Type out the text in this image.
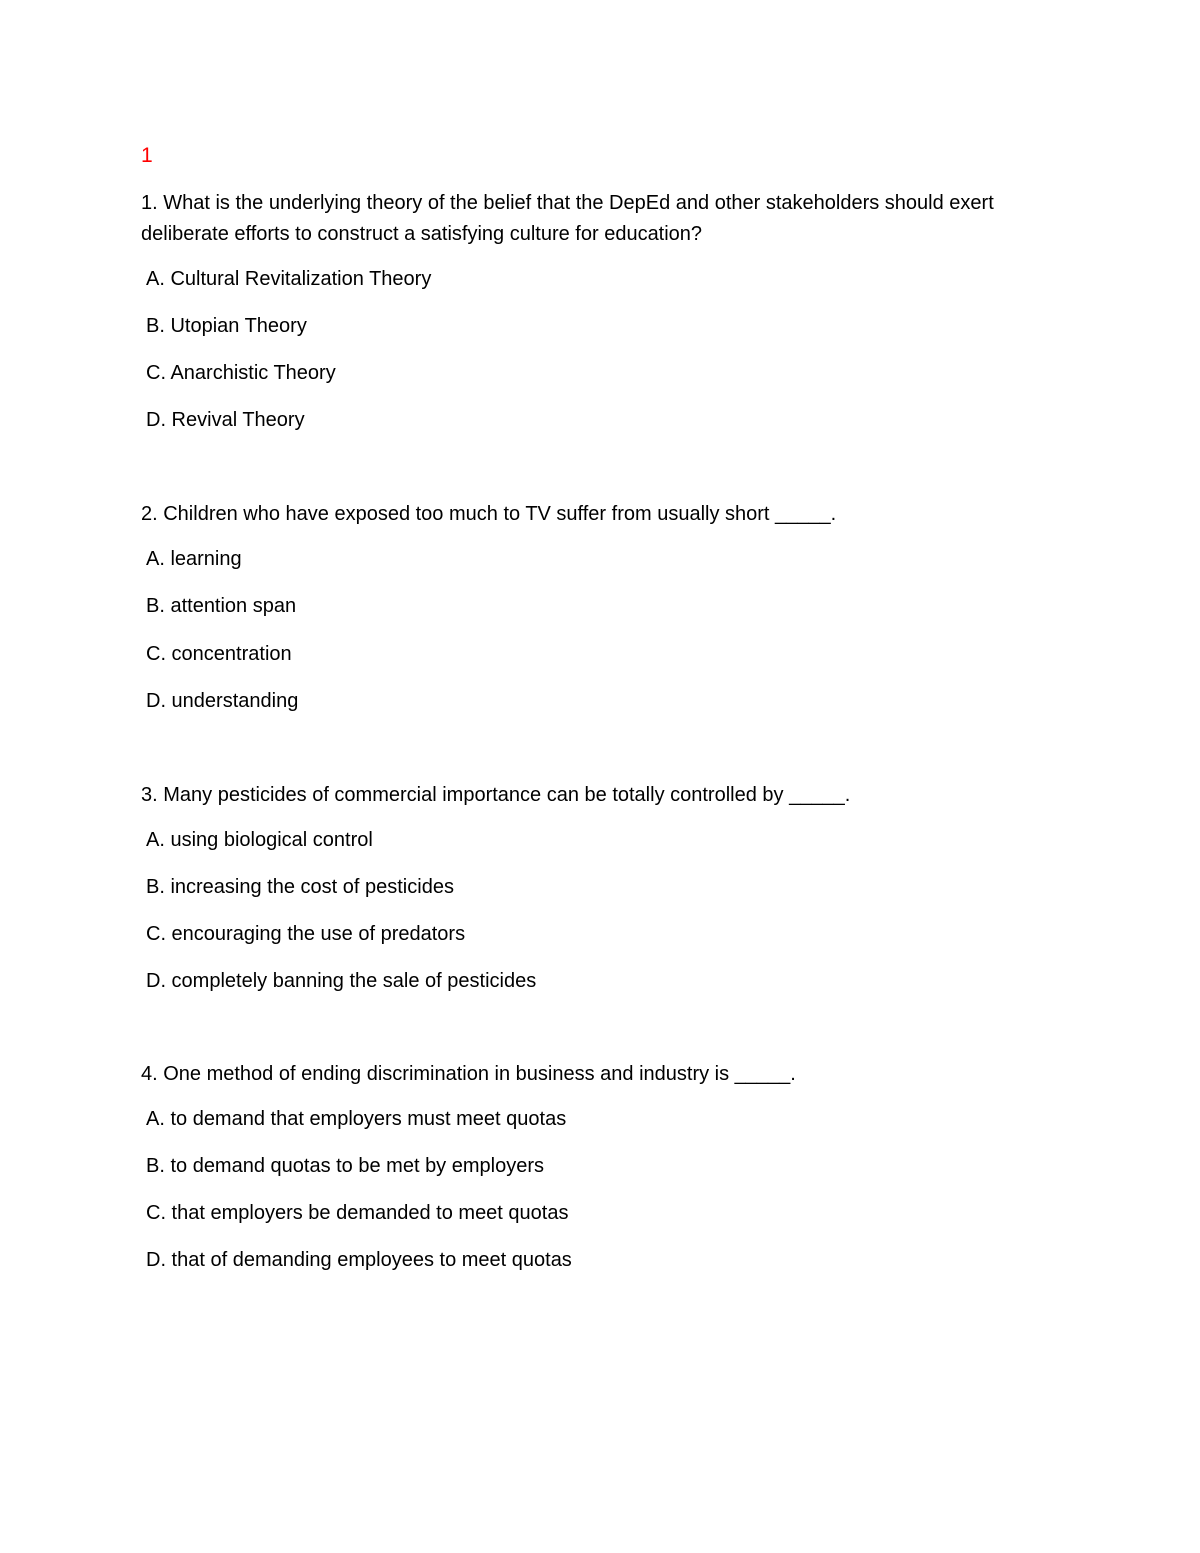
1

1. What is the underlying theory of the belief that the DepEd and other stakeholders should exert deliberate efforts to construct a satisfying culture for education?

A. Cultural Revitalization Theory
B. Utopian Theory
C. Anarchistic Theory
D. Revival Theory

2. Children who have exposed too much to TV suffer from usually short _____.

A. learning
B. attention span
C. concentration
D. understanding

3. Many pesticides of commercial importance can be totally controlled by _____.

A. using biological control
B. increasing the cost of pesticides
C. encouraging the use of predators
D. completely banning the sale of pesticides

4. One method of ending discrimination in business and industry is _____.

A. to demand that employers must meet quotas
B. to demand quotas to be met by employers
C. that employers be demanded to meet quotas
D. that of demanding employees to meet quotas
